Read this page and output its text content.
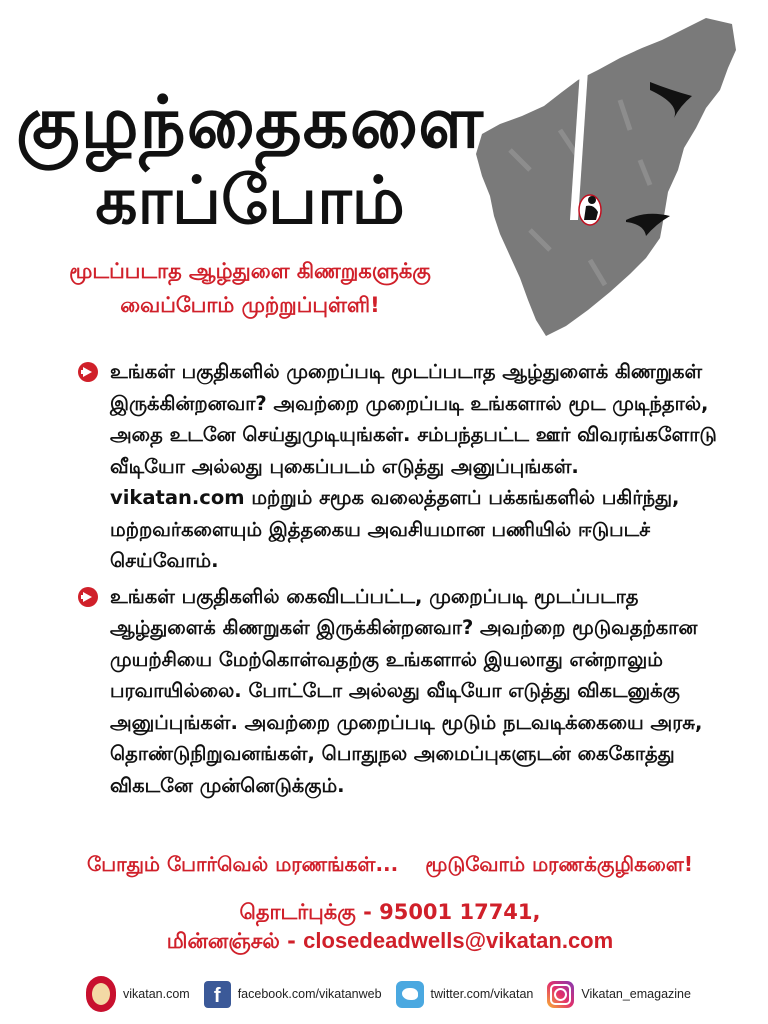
குழந்தைகளை
காப்போம்
மூடப்படாத ஆழ்துளை கிணறுகளுக்கு
வைப்போம் முற்றுப்புள்ளி!
உங்கள் பகுதிகளில் முறைப்படி மூடப்படாத ஆழ்துளைக் கிணறுகள் இருக்கின்றனவா? அவற்றை முறைப்படி உங்களால் மூட முடிந்தால், அதை உடனே செய்துமுடியுங்கள். சம்பந்தபட்ட ஊர் விவரங்களோடு வீடியோ அல்லது புகைப்படம் எடுத்து அனுப்புங்கள். vikatan.com மற்றும் சமூக வலைத்தளப் பக்கங்களில் பகிர்ந்து, மற்றவர்களையும் இத்தகைய அவசியமான பணியில் ஈடுபடச் செய்வோம்.
உங்கள் பகுதிகளில் கைவிடப்பட்ட, முறைப்படி மூடப்படாத ஆழ்துளைக் கிணறுகள் இருக்கின்றனவா? அவற்றை மூடுவதற்கான முயற்சியை மேற்கொள்வதற்கு உங்களால் இயலாது என்றாலும் பரவாயில்லை. போட்டோ அல்லது வீடியோ எடுத்து விகடனுக்கு அனுப்புங்கள். அவற்றை முறைப்படி மூடும் நடவடிக்கையை அரசு, தொண்டுநிறுவனங்கள், பொதுநல அமைப்புகளுடன் கைகோத்து விகடனே முன்னெடுக்கும்.
போதும் போர்வெல் மரணங்கள்... மூடுவோம் மரணக்குழிகளை!
தொடர்புக்கு - 95001 17741,
மின்னஞ்சல் - closedeadwells@vikatan.com
vikatan.com	f	facebook.com/vikatanweb	twitter.com/vikatan	Vikatan_emagazine
